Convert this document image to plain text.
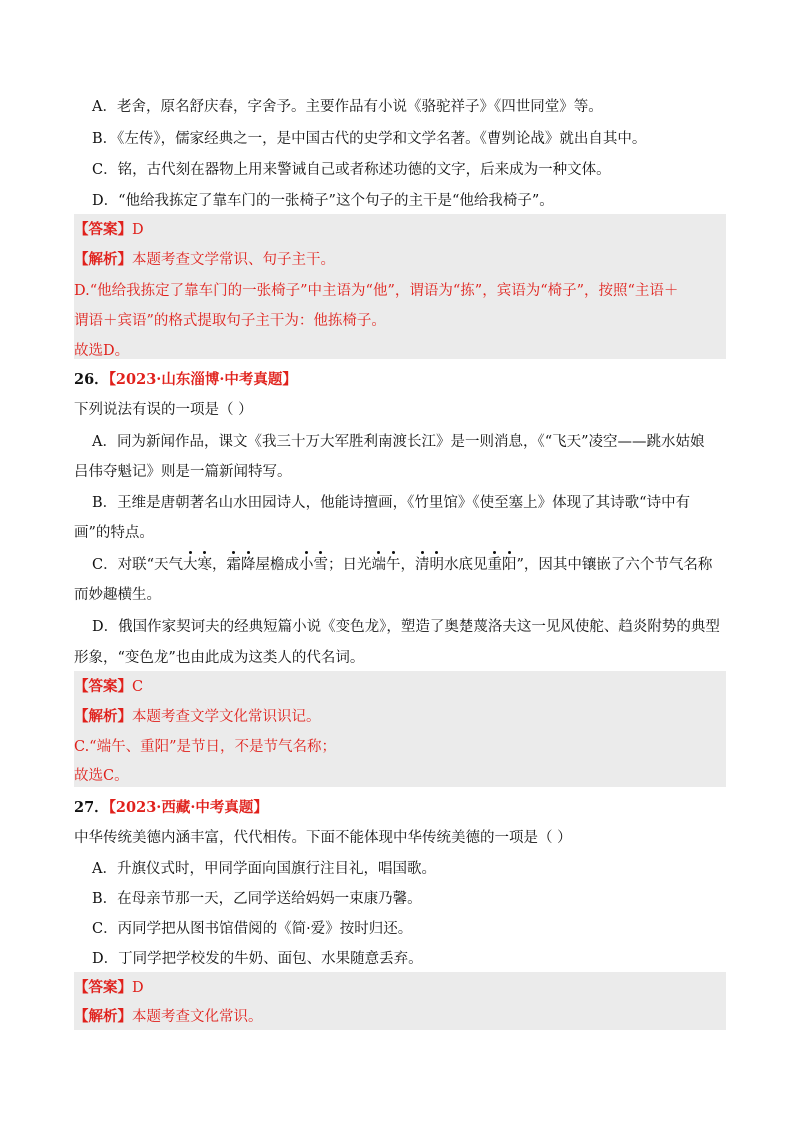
A．老舍，原名舒庆春，字舍予。主要作品有小说《骆驼祥子》《四世同堂》等。
B．《左传》，儒家经典之一，是中国古代的史学和文学名著。《曹刿论战》就出自其中。
C．铭，古代刻在器物上用来警诫自己或者称述功德的文字，后来成为一种文体。
D．“他给我拣定了靠车门的一张椅子”这个句子的主干是“他给我椅子”。
【答案】D
【解析】本题考查文学常识、句子主干。
D.“他给我拣定了靠车门的一张椅子”中主语为“他”，谓语为“拣”，宾语为“椅子”，按照“主语＋
谓语＋宾语”的格式提取句子主干为：他拣椅子。
故选D。
26．【2023·山东淄博·中考真题】
下列说法有误的一项是（ ）
A．同为新闻作品，课文《我三十万大军胜利南渡长江》是一则消息，《“飞天”凌空——跳水姑娘
吕伟夺魁记》则是一篇新闻特写。
B．王维是唐朝著名山水田园诗人，他能诗擅画，《竹里馆》《使至塞上》体现了其诗歌“诗中有
画”的特点。
C．对联“天气大寒，霜降屋檐成小雪；日光端午，清明水底见重阳”，因其中镶嵌了六个节气名称
而妙趣横生。
D．俄国作家契诃夫的经典短篇小说《变色龙》，塑造了奥楚蔑洛夫这一见风使舵、趋炎附势的典型
形象，“变色龙”也由此成为这类人的代名词。
【答案】C
【解析】本题考查文学文化常识识记。
C.“端午、重阳”是节日，不是节气名称；
故选C。
27．【2023·西藏·中考真题】
中华传统美德内涵丰富，代代相传。下面不能体现中华传统美德的一项是（ ）
A．升旗仪式时，甲同学面向国旗行注目礼，唱国歌。
B．在母亲节那一天，乙同学送给妈妈一束康乃馨。
C．丙同学把从图书馆借阅的《简·爱》按时归还。
D．丁同学把学校发的牛奶、面包、水果随意丢弃。
【答案】D
【解析】本题考查文化常识。
